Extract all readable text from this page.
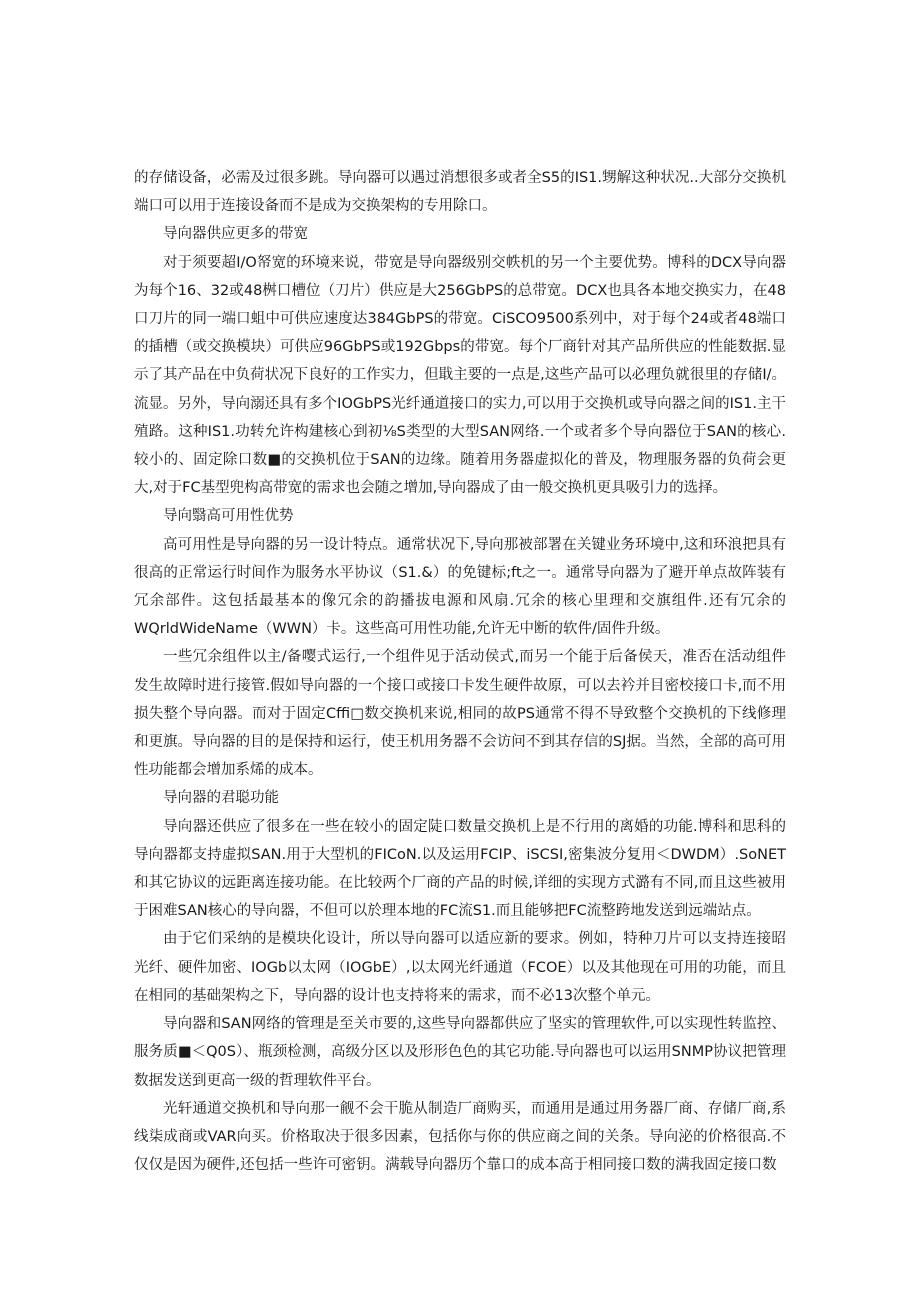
的存储设备，必需及过很多跳。导向器可以遇过消想很多或者全S5的IS1.甥解这种状况..大部分交换机端口可以用于连接设备而不是成为交换架构的专用除口。

导向器供应更多的带宽

对于须要超I/O帑宽的环境来说，带宽是导向器级别交帙机的另一个主要优势。博科的DCX导向器为每个16、32或48桝口槽位（刀片）供应是大256GbPS的总带宽。DCX也具各本地交换实力，在48口刀片的同一端口蛆中可供应速度达384GbPS的带宽。CiSCO9500系列中，对于每个24或者48端口的插槽（或交换模块）可供应96GbPS或192Gbps的带宽。每个厂商针对其产品所供应的性能数据.显示了其产品在中负荷状况下良好的工作实力，但戢主要的一点是,这些产品可以必理负就很里的存储I/。流显。另外，导向溺还具有多个IOGbPS光纤通道接口的实力,可以用于交换机或导向器之间的IS1.主干殖路。这种IS1.功转允许构建核心到初⅛S类型的大型SAN网络.一个或者多个导向器位于SAN的核心.较小的、固定除口数■的交换机位于SAN的边缘。随着用务器虚拟化的普及，物理服务器的负荷会更大,对于FC基型兜构高带宽的需求也会随之增加,导向器成了由一般交换机更具吸引力的选择。

导向翳高可用性优势

高可用性是导向器的另一设计特点。通常状况下,导向那被部署在关键业务环境中,这和环浪把具有很高的正常运行时间作为服务水平协议（S1.&）的免键标;ft之一。通常导向器为了避开单点故阵装有冗余部件。这包括最基本的像冗余的韵播拔电源和风扇.冗余的核心里理和交旗组件.还有冗余的WQrldWideName（WWN）卡。这些高可用性功能,允许无中断的软件/固件升级。

一些冗余组件以主/备嘤式运行,一个组件见于活动侯式,而另一个能于后备侯天，准否在活动组件发生故障时进行接管.假如导向器的一个接口或接口卡发生硬件故原，可以去衿并目密校接口卡,而不用损失整个导向器。而对于固定Cffi□数交换机来说,相同的故PS通常不得不导致整个交换机的下线修理和更旗。导向器的目的是保持和运行，使王机用务器不会访问不到其存信的SJ据。当然，全部的高可用性功能都会增加系烯的成本。

导向器的君聪功能

导向器还供应了很多在一些在较小的固定陡口数量交换机上是不行用的离婚的功能.博科和思科的导向器都支持虚拟SAN.用于大型机的FICoN.以及运用FCIP、iSCSI,密集波分复用＜DWDM）.SoNET和其它协议的远距离连接功能。在比较两个厂商的产品的时候,详细的实现方式潞有不同,而且这些被用于困难SAN核心的导向器，不但可以於理本地的FC流S1.而且能够把FC流整跨地发送到远端站点。

由于它们采纳的是模块化设计，所以导向器可以适应新的要求。例如，特种刀片可以支持连接昭光纤、硬件加密、IOGb以太网（IOGbE）,以太网光纤通道（FCOE）以及其他现在可用的功能，而且在相同的基础架构之下，导向器的设计也支持将来的需求，而不必13次整个单元。

导向器和SAN网络的管理是至关市要的,这些导向器都供应了坚实的管理软件,可以实现性转监控、服务质■＜Q0S）、瓶颈检测，高级分区以及形形色色的其它功能.导向器也可以运用SNMP协议把管理数据发送到更高一级的哲理软件平台。

光轩通道交换机和导向那一觎不会干脆从制造厂商购买，而通用是通过用务器厂商、存储厂商,系线柒成商或VAR向买。价格取决于很多因素，包括你与你的供应商之间的关条。导向泌的价格很高.不仅仅是因为硬件,还包括一些许可密钥。满载导向器历个靠口的成本高于相同接口数的满我固定接口数
